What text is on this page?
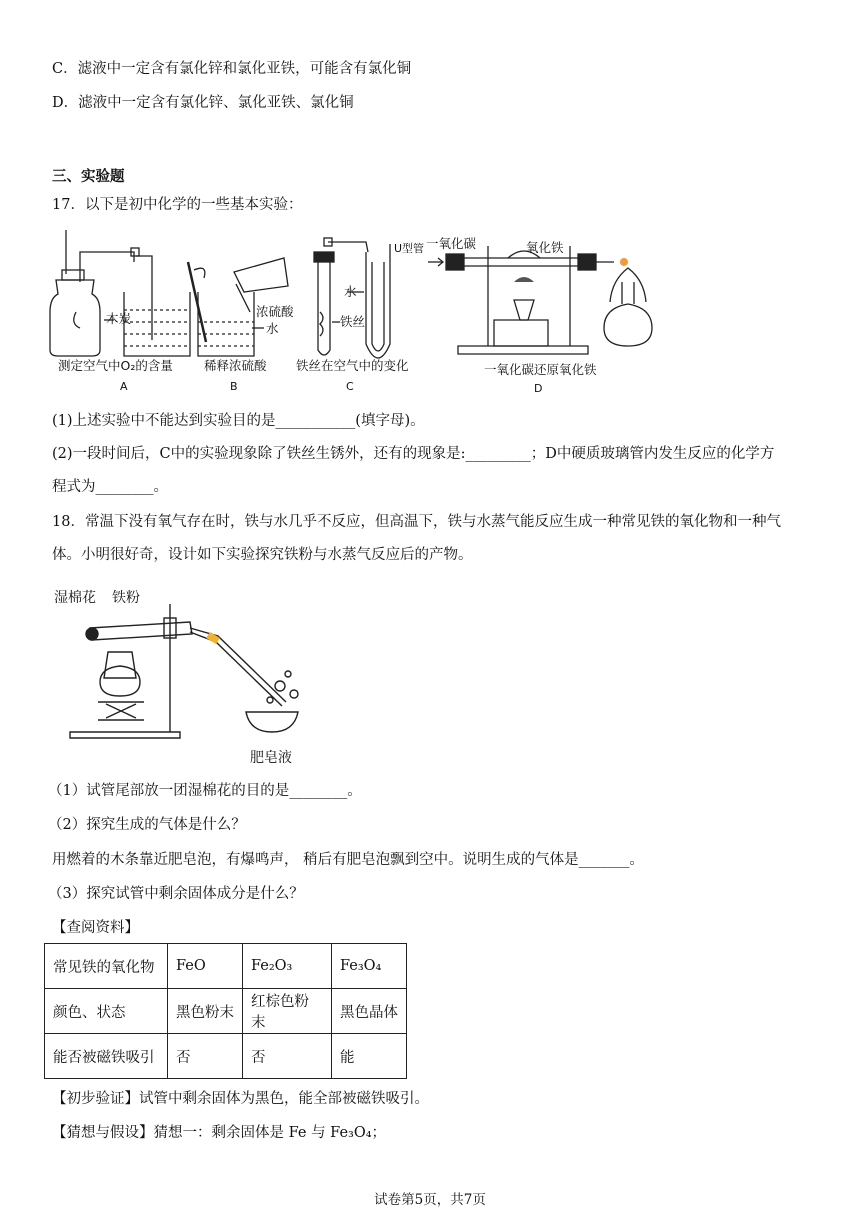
C．滤液中一定含有氯化锌和氯化亚铁，可能含有氯化铜
D．滤液中一定含有氯化锌、氯化亚铁、氯化铜
三、实验题
17．以下是初中化学的一些基本实验：
木炭
测定空气中O₂的含量
A
浓硫酸
水
稀释浓硫酸
B
水
铁丝
U型管
铁丝在空气中的变化
C
一氧化碳	氧化铁
一氧化碳还原氧化铁
D
(1)上述实验中不能达到实验目的是___________(填字母)。
(2)一段时间后，C中的实验现象除了铁丝生锈外，还有的现象是:_________；D中硬质玻璃管内发生反应的化学方
程式为________。
18．常温下没有氧气存在时，铁与水几乎不反应，但高温下，铁与水蒸气能反应生成一种常见铁的氧化物和一种气
体。小明很好奇，设计如下实验探究铁粉与水蒸气反应后的产物。
湿棉花 铁粉
肥皂液
（1）试管尾部放一团湿棉花的目的是________。
（2）探究生成的气体是什么？
用燃着的木条靠近肥皂泡，有爆鸣声， 稍后有肥皂泡飘到空中。说明生成的气体是_______。
（3）探究试管中剩余固体成分是什么？
【查阅资料】
常见铁的氧化物	FeO	Fe₂O₃	Fe₃O₄
颜色、状态	黑色粉末	红棕色粉末	黑色晶体
能否被磁铁吸引	否	否	能
【初步验证】试管中剩余固体为黑色，能全部被磁铁吸引。
【猜想与假设】猜想一：剩余固体是 Fe 与 Fe₃O₄；
试卷第5页，共7页
